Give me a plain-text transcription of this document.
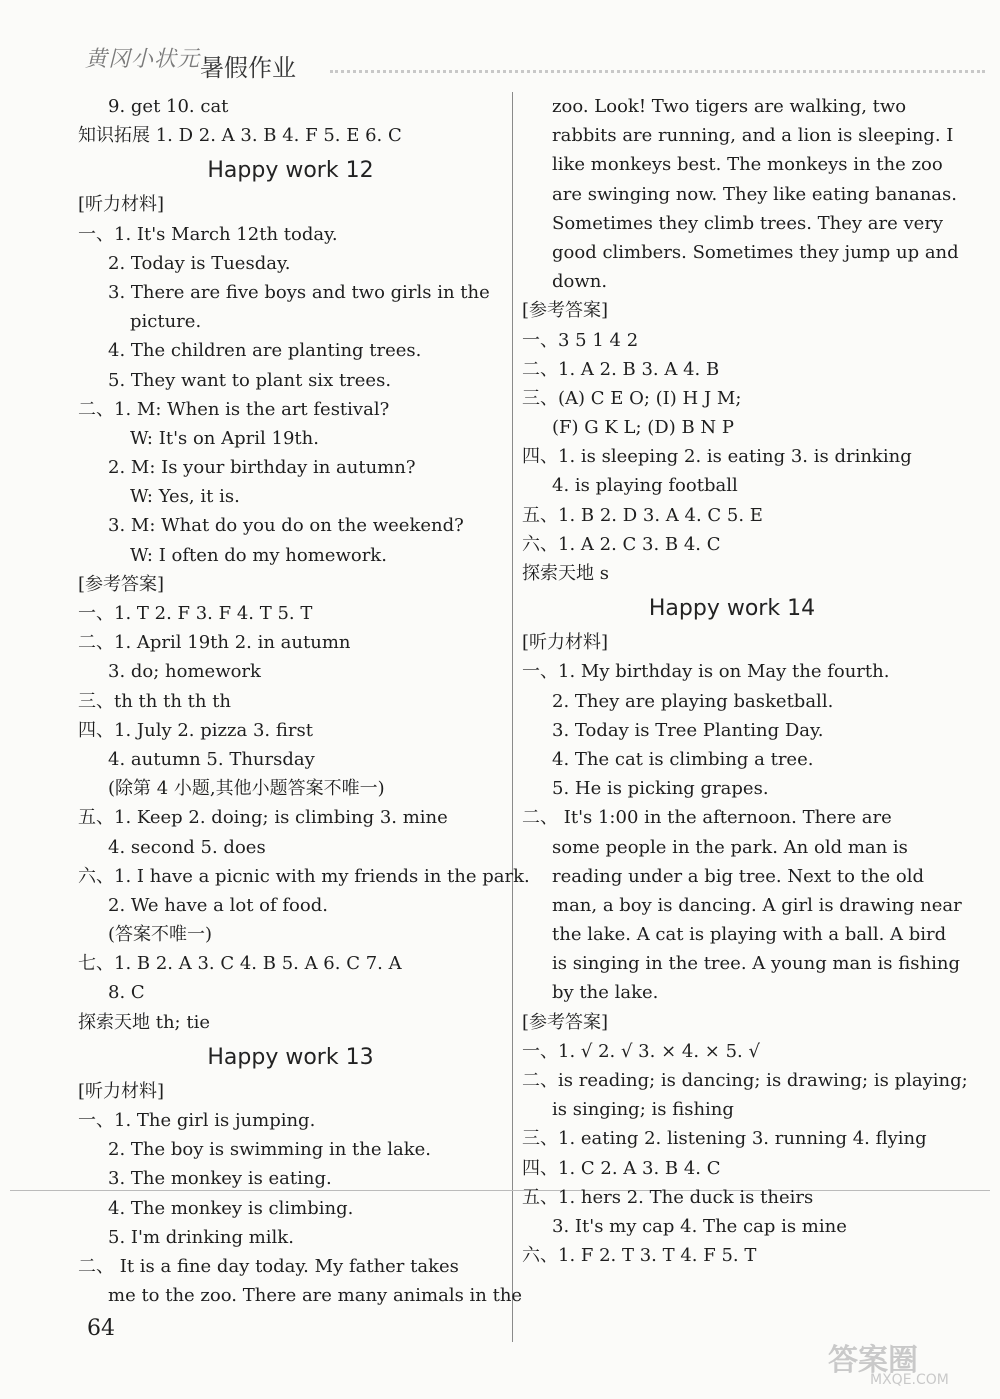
黄冈小状元 暑假作业
9. get 10. cat
知识拓展 1. D 2. A 3. B 4. F 5. E 6. C
Happy work 12
[听力材料]
一、1. It's March 12th today.
2. Today is Tuesday.
3. There are five boys and two girls in the
picture.
4. The children are planting trees.
5. They want to plant six trees.
二、1. M: When is the art festival?
W: It's on April 19th.
2. M: Is your birthday in autumn?
W: Yes, it is.
3. M: What do you do on the weekend?
W: I often do my homework.
[参考答案]
一、1. T 2. F 3. F 4. T 5. T
二、1. April 19th 2. in autumn
3. do; homework
三、th th th th th
四、1. July 2. pizza 3. first
4. autumn 5. Thursday
(除第 4 小题,其他小题答案不唯一)
五、1. Keep 2. doing; is climbing 3. mine
4. second 5. does
六、1. I have a picnic with my friends in the park.
2. We have a lot of food.
(答案不唯一)
七、1. B 2. A 3. C 4. B 5. A 6. C 7. A
8. C
探索天地 th; tie
Happy work 13
[听力材料]
一、1. The girl is jumping.
2. The boy is swimming in the lake.
3. The monkey is eating.
4. The monkey is climbing.
5. I'm drinking milk.
二、 It is a fine day today. My father takes
me to the zoo. There are many animals in the
zoo. Look! Two tigers are walking, two
rabbits are running, and a lion is sleeping. I
like monkeys best. The monkeys in the zoo
are swinging now. They like eating bananas.
Sometimes they climb trees. They are very
good climbers. Sometimes they jump up and
down.
[参考答案]
一、3 5 1 4 2
二、1. A 2. B 3. A 4. B
三、(A) C E O; (I) H J M;
(F) G K L; (D) B N P
四、1. is sleeping 2. is eating 3. is drinking
4. is playing football
五、1. B 2. D 3. A 4. C 5. E
六、1. A 2. C 3. B 4. C
探索天地 s
Happy work 14
[听力材料]
一、1. My birthday is on May the fourth.
2. They are playing basketball.
3. Today is Tree Planting Day.
4. The cat is climbing a tree.
5. He is picking grapes.
二、 It's 1:00 in the afternoon. There are
some people in the park. An old man is
reading under a big tree. Next to the old
man, a boy is dancing. A girl is drawing near
the lake. A cat is playing with a ball. A bird
is singing in the tree. A young man is fishing
by the lake.
[参考答案]
一、1. √ 2. √ 3. × 4. × 5. √
二、is reading; is dancing; is drawing; is playing;
is singing; is fishing
三、1. eating 2. listening 3. running 4. flying
四、1. C 2. A 3. B 4. C
五、1. hers 2. The duck is theirs
3. It's my cap 4. The cap is mine
六、1. F 2. T 3. T 4. F 5. T
64
答案圈
MXQE.COM
